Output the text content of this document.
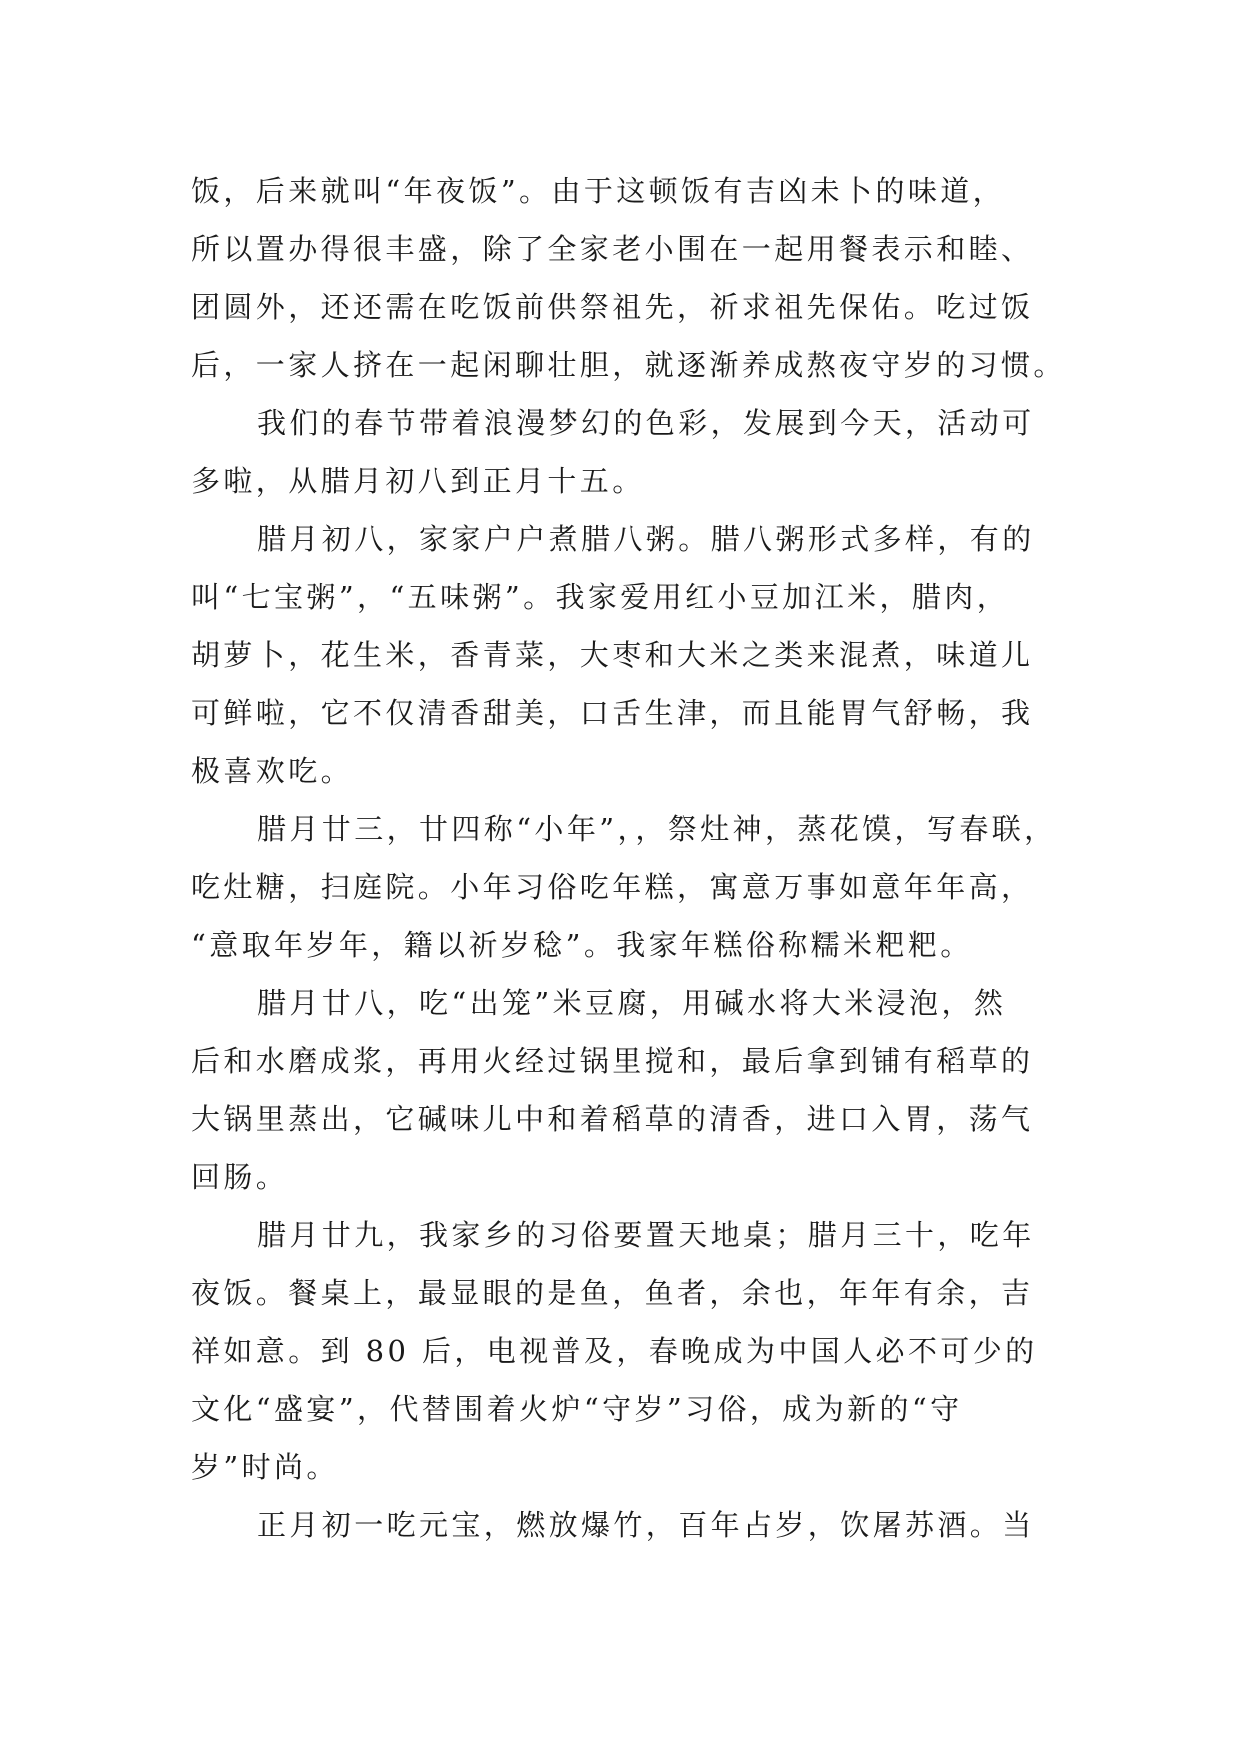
饭，后来就叫“年夜饭”。由于这顿饭有吉凶未卜的味道，
所以置办得很丰盛，除了全家老小围在一起用餐表示和睦、
团圆外，还还需在吃饭前供祭祖先，祈求祖先保佑。吃过饭
后，一家人挤在一起闲聊壮胆，就逐渐养成熬夜守岁的习惯。
我们的春节带着浪漫梦幻的色彩，发展到今天，活动可
多啦，从腊月初八到正月十五。
腊月初八，家家户户煮腊八粥。腊八粥形式多样，有的
叫“七宝粥”，“五味粥”。我家爱用红小豆加江米，腊肉，
胡萝卜，花生米，香青菜，大枣和大米之类来混煮，味道儿
可鲜啦，它不仅清香甜美，口舌生津，而且能胃气舒畅，我
极喜欢吃。
腊月廿三，廿四称“小年”，，祭灶神，蒸花馍，写春联，
吃灶糖，扫庭院。小年习俗吃年糕，寓意万事如意年年高，
“意取年岁年，籍以祈岁稔”。我家年糕俗称糯米粑粑。
腊月廿八，吃“出笼”米豆腐，用碱水将大米浸泡，然
后和水磨成浆，再用火经过锅里搅和，最后拿到铺有稻草的
大锅里蒸出，它碱味儿中和着稻草的清香，进口入胃，荡气
回肠。
腊月廿九，我家乡的习俗要置天地桌；腊月三十，吃年
夜饭。餐桌上，最显眼的是鱼，鱼者，余也，年年有余，吉
祥如意。到 80 后，电视普及，春晚成为中国人必不可少的
文化“盛宴”，代替围着火炉“守岁”习俗，成为新的“守
岁”时尚。
正月初一吃元宝，燃放爆竹，百年占岁，饮屠苏酒。当
